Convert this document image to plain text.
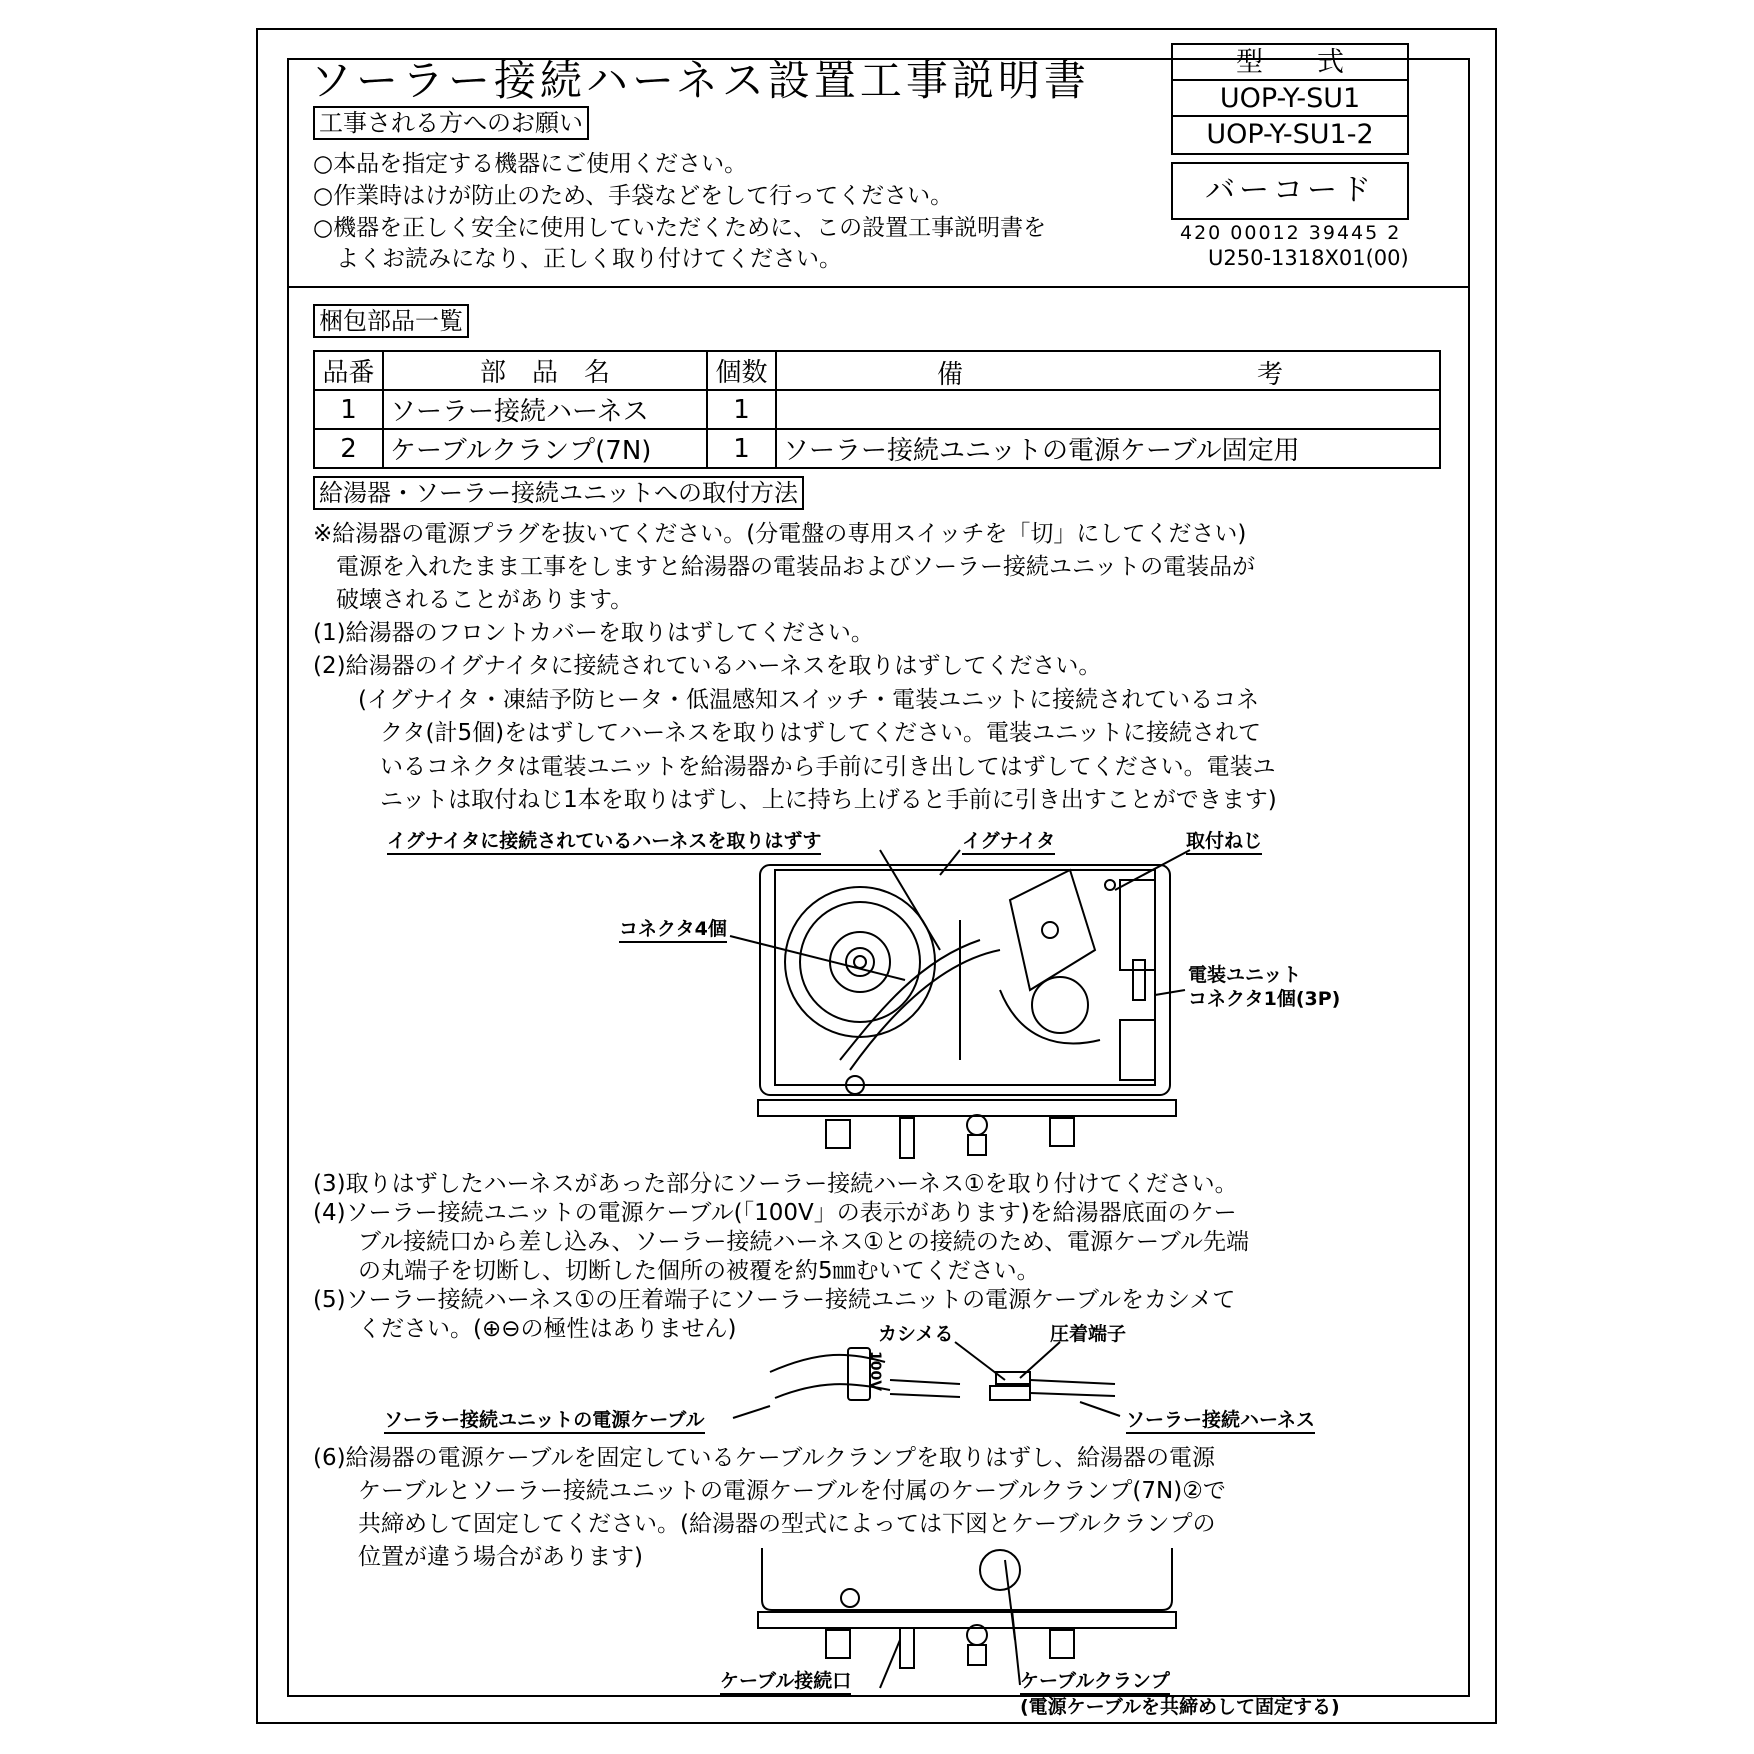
ソーラー接続ハーネス設置工事説明書	型　　式
UOP-Y-SU1
UOP-Y-SU1-2
バーコード
420 00012 39445 2
U250-1318X01(00)
工事される方へのお願い
○本品を指定する機器にご使用ください。
○作業時はけが防止のため、手袋などをして行ってください。
○機器を正しく安全に使用していただくために、この設置工事説明書を
　よくお読みになり、正しく取り付けてください。
梱包部品一覧
品番	部　品　名	個数	備 考

1	ソーラー接続ハーネス	1	
2	ケーブルクランプ(7N)	1	ソーラー接続ユニットの電源ケーブル固定用
給湯器・ソーラー接続ユニットへの取付方法
※給湯器の電源プラグを抜いてください。(分電盤の専用スイッチを「切」にしてください)
　電源を入れたまま工事をしますと給湯器の電装品およびソーラー接続ユニットの電装品が
　破壊されることがあります。
(1)給湯器のフロントカバーを取りはずしてください。
(2)給湯器のイグナイタに接続されているハーネスを取りはずしてください。
(イグナイタ・凍結予防ヒータ・低温感知スイッチ・電装ユニットに接続されているコネ
クタ(計5個)をはずしてハーネスを取りはずしてください。電装ユニットに接続されて
いるコネクタは電装ユニットを給湯器から手前に引き出してはずしてください。電装ユ
ニットは取付ねじ1本を取りはずし、上に持ち上げると手前に引き出すことができます)
イグナイタに接続されているハーネスを取りはずす	イグナイタ	取付ねじ
コネクタ4個
電装ユニット
コネクタ1個(3P)
(3)取りはずしたハーネスがあった部分にソーラー接続ハーネス①を取り付けてください。
(4)ソーラー接続ユニットの電源ケーブル(「100V」の表示があります)を給湯器底面のケー
ブル接続口から差し込み、ソーラー接続ハーネス①との接続のため、電源ケーブル先端
の丸端子を切断し、切断した個所の被覆を約5㎜むいてください。
(5)ソーラー接続ハーネス①の圧着端子にソーラー接続ユニットの電源ケーブルをカシメて
ください。(⊕⊖の極性はありません)	カシメる	圧着端子
ソーラー接続ユニットの電源ケーブル	ソーラー接続ハーネス
100V
(6)給湯器の電源ケーブルを固定しているケーブルクランプを取りはずし、給湯器の電源
ケーブルとソーラー接続ユニットの電源ケーブルを付属のケーブルクランプ(7N)②で
共締めして固定してください。(給湯器の型式によっては下図とケーブルクランプの
位置が違う場合があります)
ケーブル接続口	ケーブルクランプ
(電源ケーブルを共締めして固定する)
